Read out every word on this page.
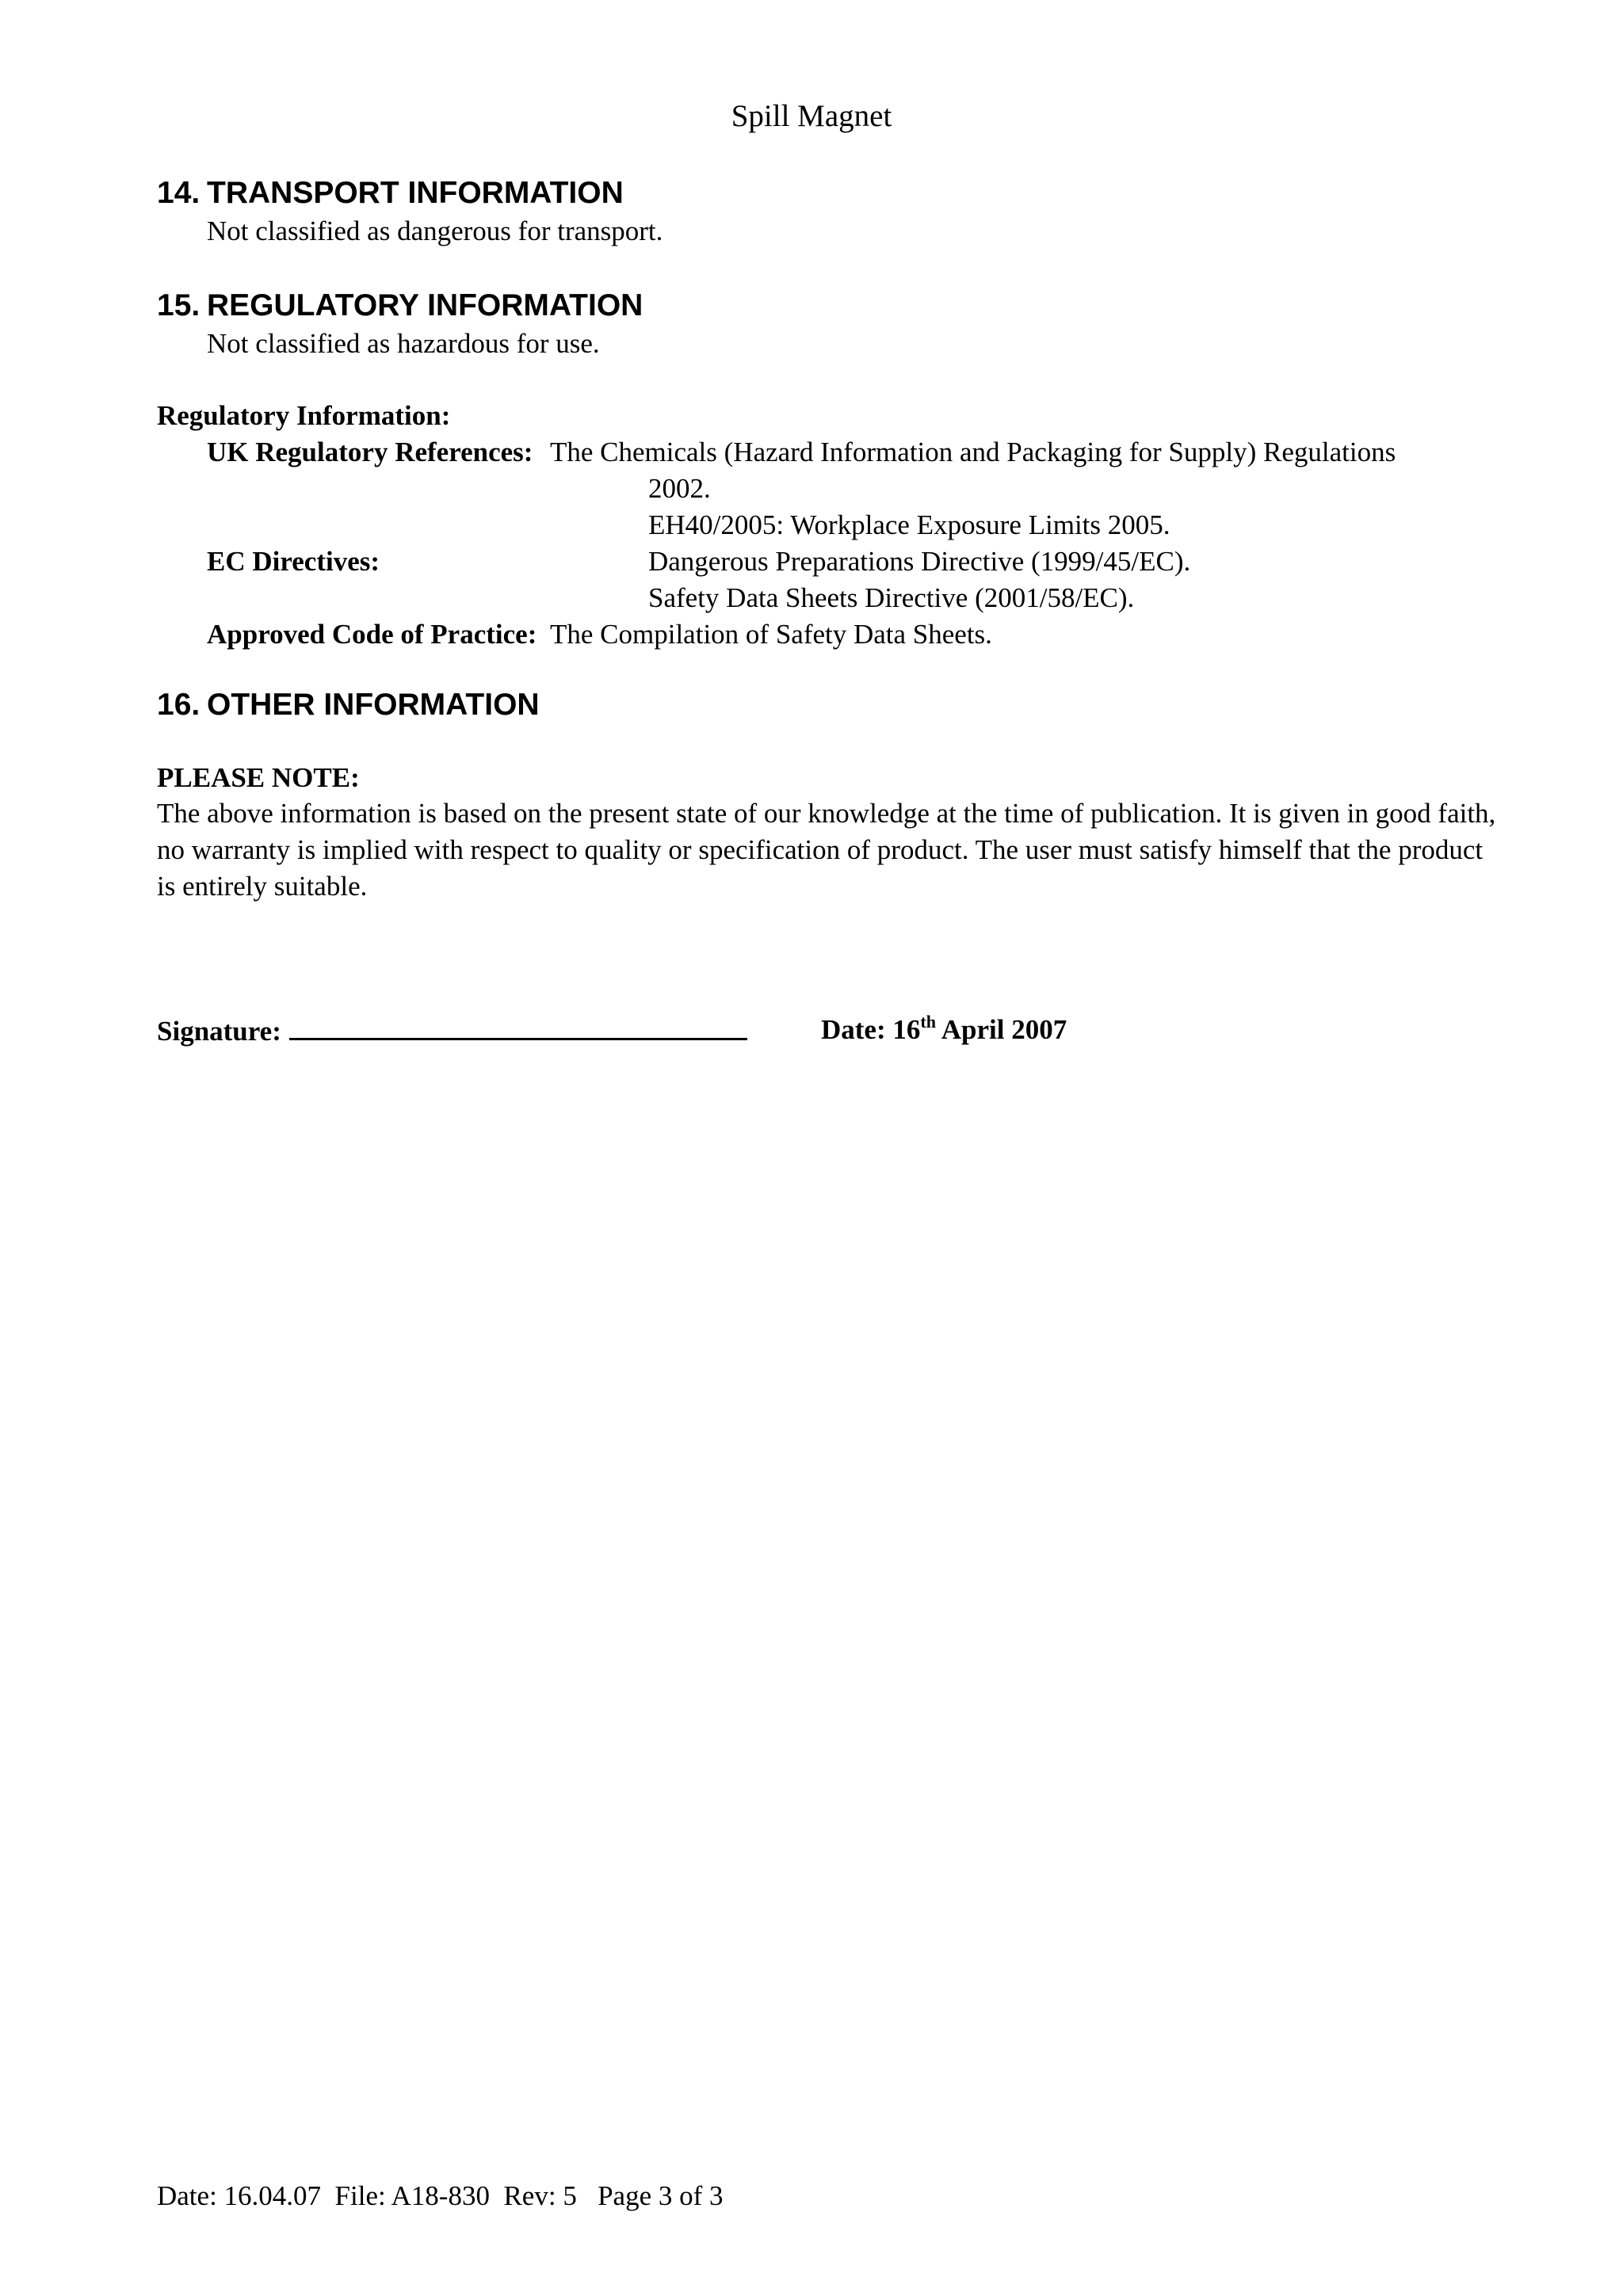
Spill Magnet
14. TRANSPORT INFORMATION
Not classified as dangerous for transport.
15. REGULATORY INFORMATION
Not classified as hazardous for use.
Regulatory Information:
UK Regulatory References: The Chemicals (Hazard Information and Packaging for Supply) Regulations
2002.
EH40/2005: Workplace Exposure Limits 2005.
EC Directives:	Dangerous Preparations Directive (1999/45/EC).
Safety Data Sheets Directive (2001/58/EC).
Approved Code of Practice: The Compilation of Safety Data Sheets.
16. OTHER INFORMATION
PLEASE NOTE:
The above information is based on the present state of our knowledge at the time of publication. It is given in good faith, no warranty is implied with respect to quality or specification of product. The user must satisfy himself that the product is entirely suitable.
Signature:	Date: 16th April 2007
Date: 16.04.07  File: A18-830  Rev: 5   Page 3 of 3
